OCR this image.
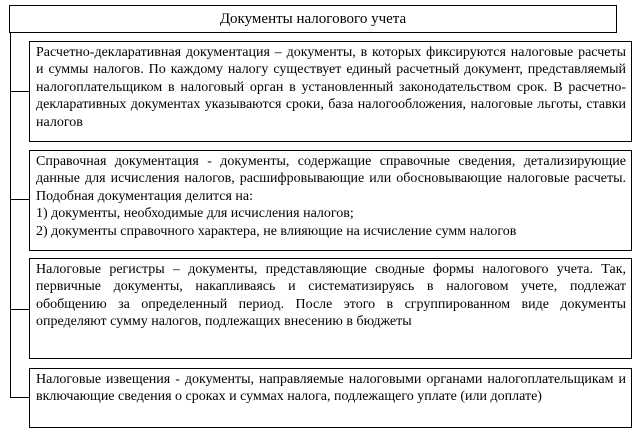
Документы налогового учета
Расчетно-декларативная документация – документы, в которых фиксируются налоговые расчеты и суммы налогов. По каждому налогу существует единый расчетный документ, представляемый налогоплательщиком в налоговый орган в установленный законодательством срок. В расчетно-декларативных документах указываются сроки, база налогообложения, налоговые льготы, ставки налогов
Справочная документация - документы, содержащие справочные сведения, детализирующие данные для исчисления налогов, расшифровывающие или обосновывающие налоговые расчеты. Подобная документация делится на:
1) документы, необходимые для исчисления налогов;
2) документы справочного характера, не влияющие на исчисление сумм налогов
Налоговые регистры – документы, представляющие сводные формы налогового учета. Так, первичные документы, накапливаясь и систематизируясь в налоговом учете, подлежат обобщению за определенный период. После этого в сгруппированном виде документы определяют сумму налогов, подлежащих внесению в бюджеты
Налоговые извещения - документы, направляемые налоговыми органами налогоплательщикам и включающие сведения о сроках и суммах налога, подлежащего уплате (или доплате)
